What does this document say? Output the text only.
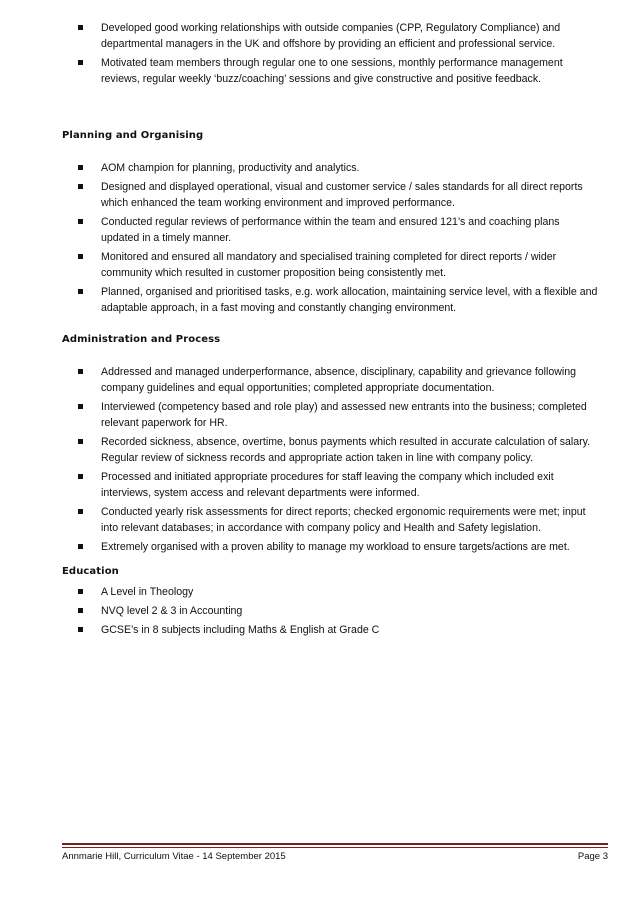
Developed good working relationships with outside companies (CPP, Regulatory Compliance) and departmental managers in the UK and offshore by providing an efficient and professional service.
Motivated team members through regular one to one sessions, monthly performance management reviews, regular weekly ‘buzz/coaching’ sessions and give constructive and positive feedback.
Planning and Organising
AOM champion for planning, productivity and analytics.
Designed and displayed operational, visual and customer service / sales standards for all direct reports which enhanced the team working environment and improved performance.
Conducted regular reviews of performance within the team and ensured 121’s and coaching plans updated in a timely manner.
Monitored and ensured all mandatory and specialised training completed for direct reports / wider community which resulted in customer proposition being consistently met.
Planned, organised and prioritised tasks, e.g. work allocation, maintaining service level, with a flexible and adaptable approach, in a fast moving and constantly changing environment.
Administration and Process
Addressed and managed underperformance, absence, disciplinary, capability and grievance following company guidelines and equal opportunities; completed appropriate documentation.
Interviewed (competency based and role play) and assessed new entrants into the business; completed relevant paperwork for HR.
Recorded sickness, absence, overtime, bonus payments which resulted in accurate calculation of salary. Regular review of sickness records and appropriate action taken in line with company policy.
Processed and initiated appropriate procedures for staff leaving the company which included exit interviews, system access and relevant departments were informed.
Conducted yearly risk assessments for direct reports; checked ergonomic requirements were met; input into relevant databases; in accordance with company policy and Health and Safety legislation.
Extremely organised with a proven ability to manage my workload to ensure targets/actions are met.
Education
A Level in Theology
NVQ level 2 & 3 in Accounting
GCSE’s in 8 subjects including Maths & English at Grade C
Annmarie Hill, Curriculum Vitae - 14 September 2015	Page 3
